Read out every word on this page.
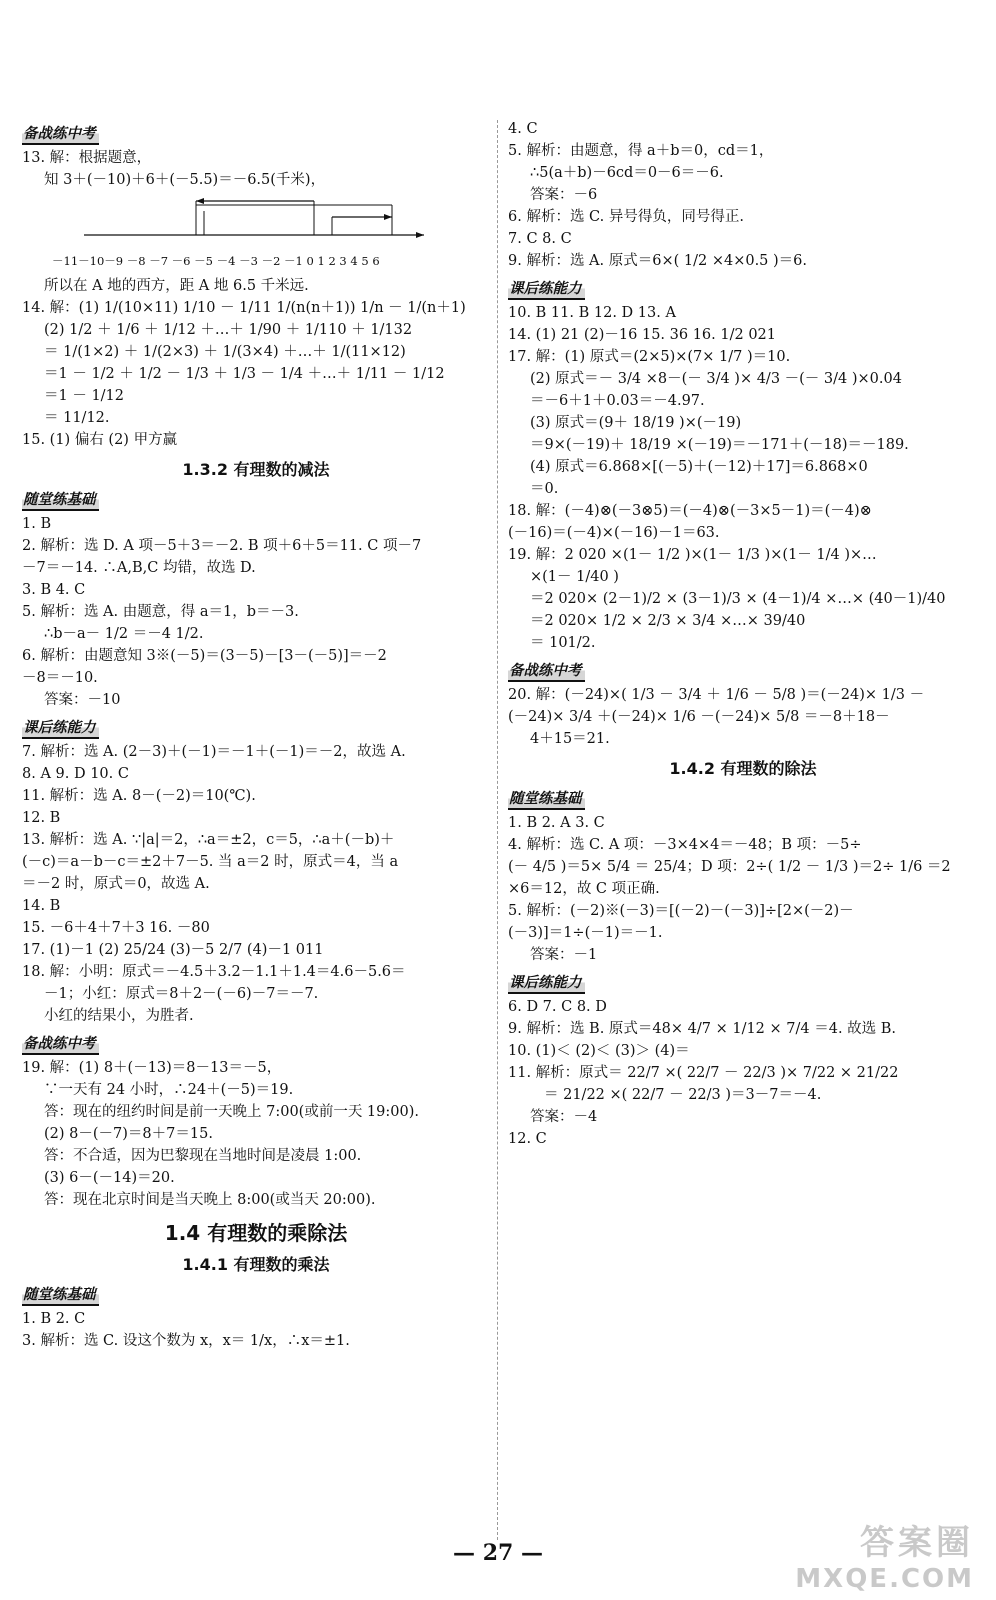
备战练中考
13. 解：根据题意，
知 3＋(－10)＋6＋(－5.5)＝－6.5(千米)，
－11－10－9 －8 －7 －6 －5 －4 －3 －2 －1 0 1 2 3 4 5 6
所以在 A 地的西方，距 A 地 6.5 千米远.
14. 解：(1) 1/(10×11) 1/10 － 1/11 1/(n(n＋1)) 1/n － 1/(n＋1)
(2) 1/2 ＋ 1/6 ＋ 1/12 ＋…＋ 1/90 ＋ 1/110 ＋ 1/132
＝ 1/(1×2) ＋ 1/(2×3) ＋ 1/(3×4) ＋…＋ 1/(11×12)
＝1 － 1/2 ＋ 1/2 － 1/3 ＋ 1/3 － 1/4 ＋…＋ 1/11 － 1/12
＝1 － 1/12
＝ 11/12.
15. (1) 偏右 (2) 甲方赢
1.3.2 有理数的减法
随堂练基础
1. B
2. 解析：选 D. A 项－5＋3＝－2. B 项＋6＋5＝11. C 项－7
－7＝－14. ∴A,B,C 均错，故选 D.
3. B 4. C
5. 解析：选 A. 由题意，得 a＝1，b＝－3.
∴b－a－ 1/2 ＝－4 1/2.
6. 解析：由题意知 3※(－5)＝(3－5)－[3－(－5)]＝－2
－8＝－10.
答案：－10
课后练能力
7. 解析：选 A. (2－3)＋(－1)＝－1＋(－1)＝－2，故选 A.
8. A 9. D 10. C
11. 解析：选 A. 8－(－2)＝10(℃).
12. B
13. 解析：选 A. ∵|a|＝2，∴a＝±2，c＝5，∴a＋(－b)＋
(－c)＝a－b－c＝±2＋7－5. 当 a＝2 时，原式＝4，当 a
＝－2 时，原式＝0，故选 A.
14. B
15. －6＋4＋7＋3 16. －80
17. (1)－1 (2) 25/24 (3)－5 2/7 (4)－1 011
18. 解：小明：原式＝－4.5＋3.2－1.1＋1.4＝4.6－5.6＝
－1；小红：原式＝8＋2－(－6)－7＝－7.
小红的结果小，为胜者.
备战练中考
19. 解：(1) 8＋(－13)＝8－13＝－5，
∵一天有 24 小时，∴24＋(－5)＝19.
答：现在的纽约时间是前一天晚上 7:00(或前一天 19:00).
(2) 8－(－7)＝8＋7＝15.
答：不合适，因为巴黎现在当地时间是凌晨 1:00.
(3) 6－(－14)＝20.
答：现在北京时间是当天晚上 8:00(或当天 20:00).
1.4 有理数的乘除法
1.4.1 有理数的乘法
随堂练基础
1. B 2. C
3. 解析：选 C. 设这个数为 x，x＝ 1/x，∴x＝±1.
4. C
5. 解析：由题意，得 a＋b＝0，cd＝1，
∴5(a＋b)－6cd＝0－6＝－6.
答案：－6
6. 解析：选 C. 异号得负，同号得正.
7. C 8. C
9. 解析：选 A. 原式＝6×( 1/2 ×4×0.5 )＝6.
课后练能力
10. B 11. B 12. D 13. A
14. (1) 21 (2)－16 15. 36 16. 1/2 021
17. 解：(1) 原式＝(2×5)×(7× 1/7 )＝10.
(2) 原式＝－ 3/4 ×8－(－ 3/4 )× 4/3 －(－ 3/4 )×0.04
＝－6＋1＋0.03＝－4.97.
(3) 原式＝(9＋ 18/19 )×(－19)
＝9×(－19)＋ 18/19 ×(－19)＝－171＋(－18)＝－189.
(4) 原式＝6.868×[(－5)＋(－12)＋17]＝6.868×0
＝0.
18. 解：(－4)⊗(－3⊗5)＝(－4)⊗(－3×5－1)＝(－4)⊗
(－16)＝(－4)×(－16)－1＝63.
19. 解：2 020 ×(1－ 1/2 )×(1－ 1/3 )×(1－ 1/4 )×…
×(1－ 1/40 )
＝2 020× (2－1)/2 × (3－1)/3 × (4－1)/4 ×…× (40－1)/40
＝2 020× 1/2 × 2/3 × 3/4 ×…× 39/40
＝ 101/2.
备战练中考
20. 解：(－24)×( 1/3 － 3/4 ＋ 1/6 － 5/8 )＝(－24)× 1/3 －
(－24)× 3/4 ＋(－24)× 1/6 －(－24)× 5/8 ＝－8＋18－
4＋15＝21.
1.4.2 有理数的除法
随堂练基础
1. B 2. A 3. C
4. 解析：选 C. A 项：－3×4×4＝－48；B 项：－5÷
(－ 4/5 )＝5× 5/4 ＝ 25/4；D 项：2÷( 1/2 － 1/3 )＝2÷ 1/6 ＝2
×6＝12，故 C 项正确.
5. 解析：(－2)※(－3)＝[(－2)－(－3)]÷[2×(－2)－
(－3)]＝1÷(－1)＝－1.
答案：－1
课后练能力
6. D 7. C 8. D
9. 解析：选 B. 原式＝48× 4/7 × 1/12 × 7/4 ＝4. 故选 B.
10. (1)＜ (2)＜ (3)＞ (4)＝
11. 解析：原式＝ 22/7 ×( 22/7 － 22/3 )× 7/22 × 21/22
＝ 21/22 ×( 22/7 － 22/3 )＝3－7＝－4.
答案：－4
12. C
— 27 —	答案圈
MXQE.COM
